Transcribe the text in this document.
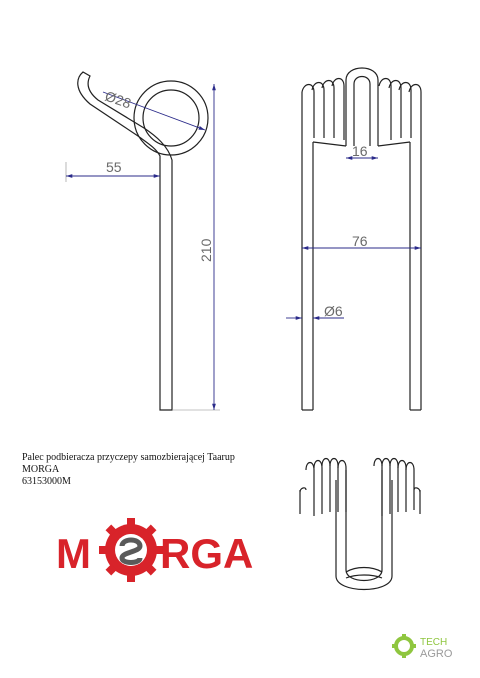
Ø28
55
210
16
76
Ø6
M RGA
TECH
AGRO
Palec podbieracza przyczepy samozbierającej Taarup
MORGA
63153000M
